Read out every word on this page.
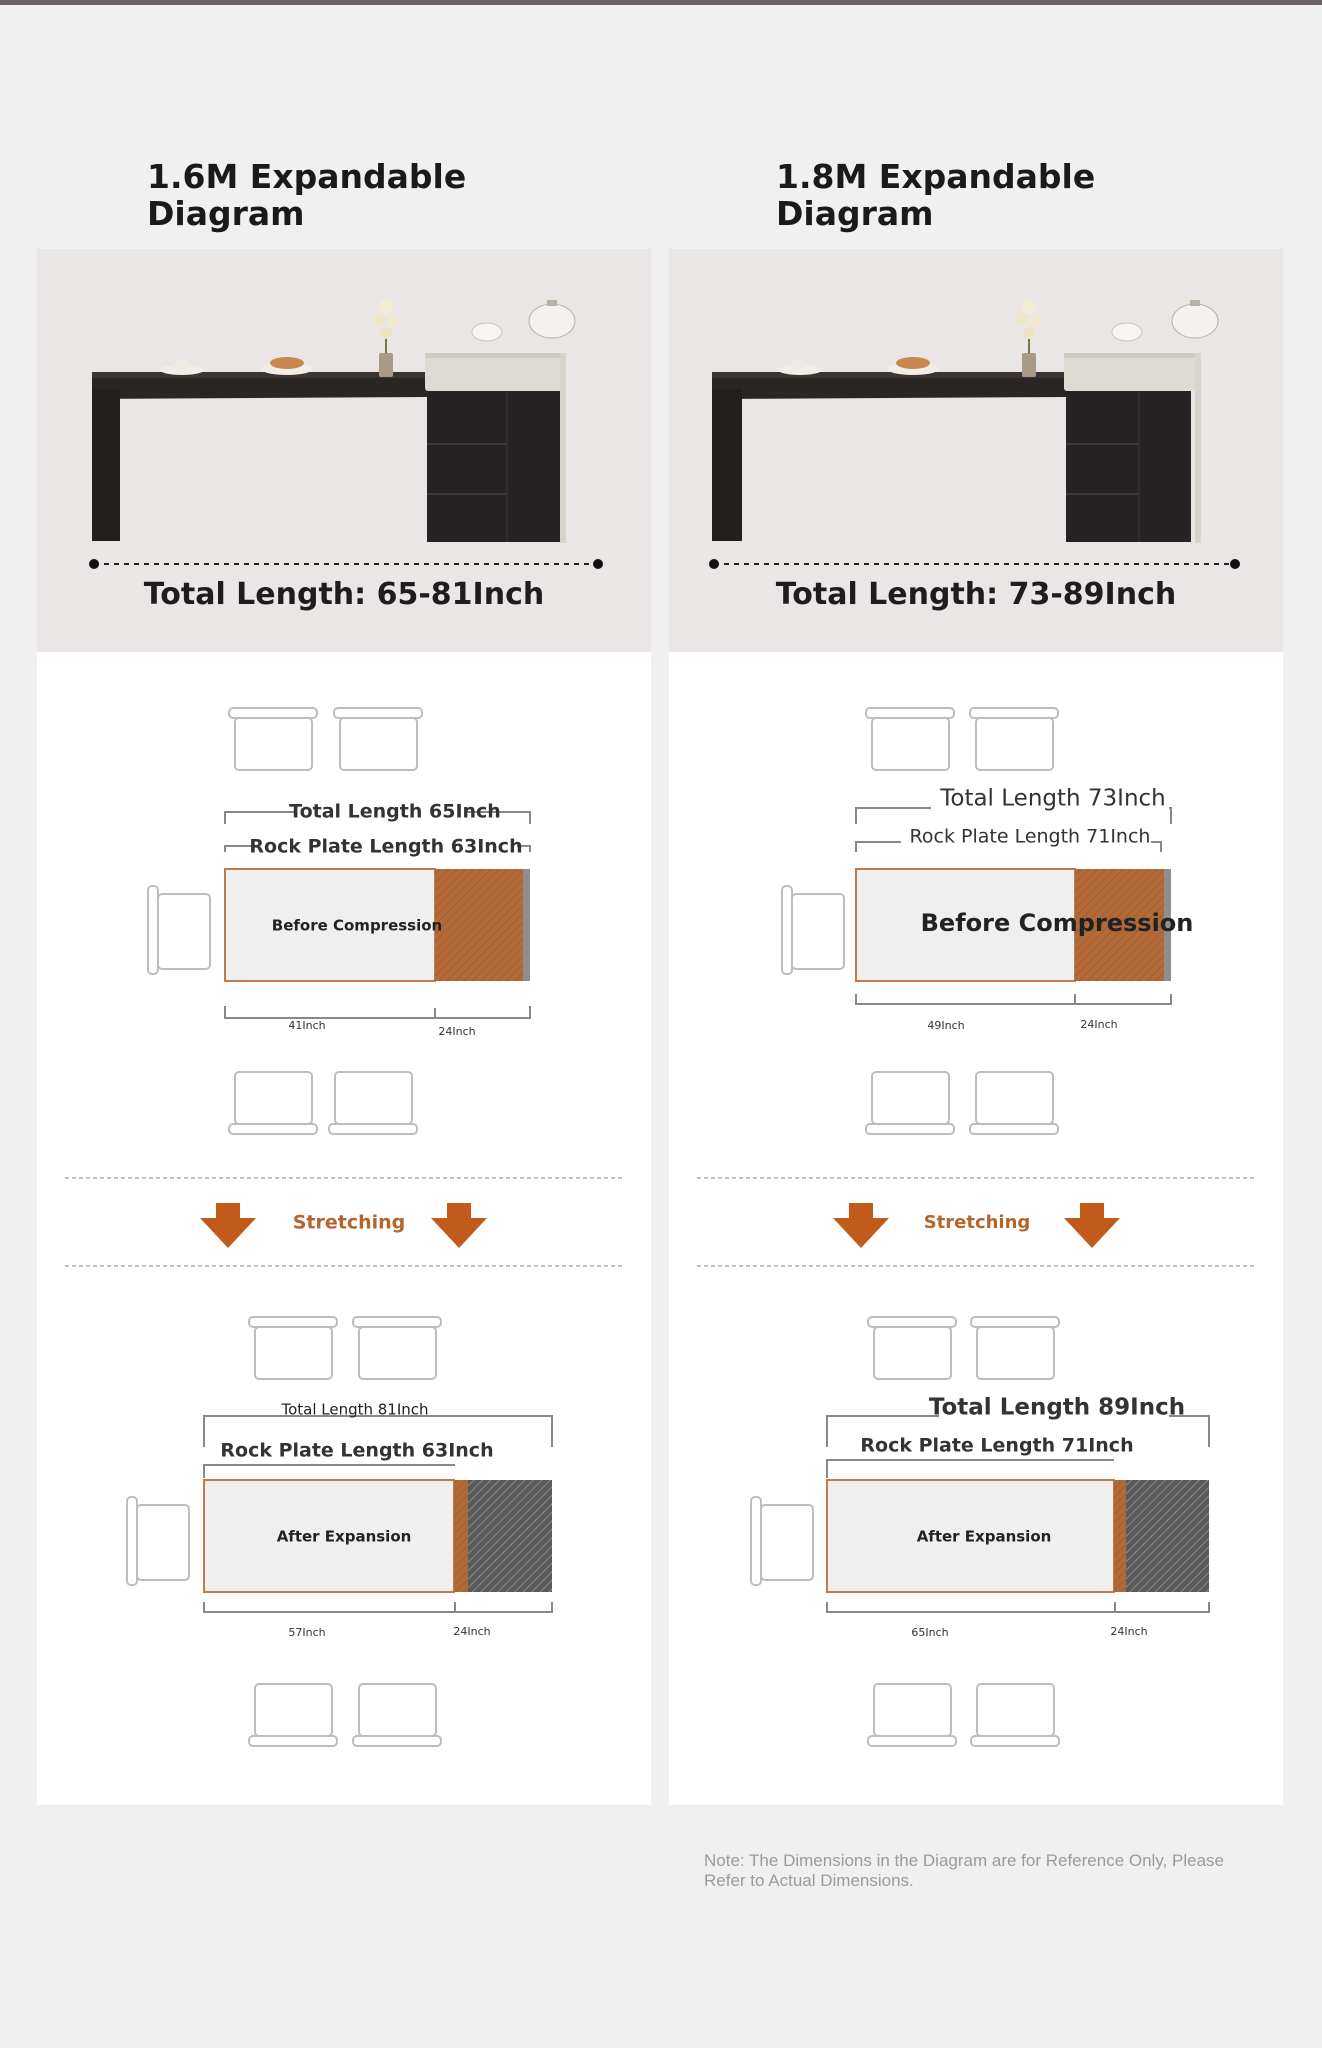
1.6M Expandable Diagram
Total Length: 65-81Inch
Total Length 65Inch
Rock Plate Length 63Inch
Before Compression
41Inch	24Inch
Stretching
Total Length 81Inch
Rock Plate Length 63Inch
After Expansion
57Inch	24Inch
1.8M Expandable Diagram
Total Length: 73-89Inch
Total Length 73Inch
Rock Plate Length 71Inch
Before Compression
49Inch	24Inch
Stretching
Total Length 89Inch
Rock Plate Length 71Inch
After Expansion
65Inch	24Inch

Note: The Dimensions in the Diagram are for Reference Only, Please Refer to Actual Dimensions.
